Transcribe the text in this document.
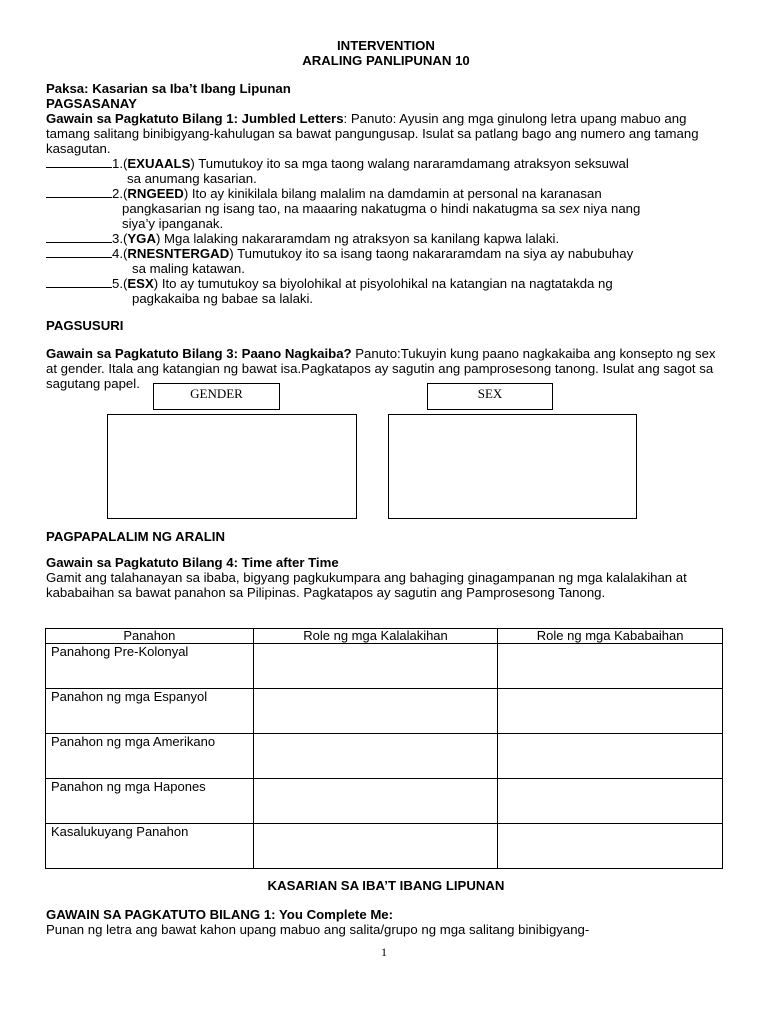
INTERVENTION
ARALING PANLIPUNAN 10

Paksa: Kasarian sa Iba’t Ibang Lipunan

PAGSASANAY

Gawain sa Pagkatuto Bilang 1: Jumbled Letters: Panuto: Ayusin ang mga ginulong letra upang mabuo ang tamang salitang binibigyang-kahulugan sa bawat pangungusap. Isulat sa patlang bago ang numero ang tamang kasagutan.

1.(EXUAALS) Tumutukoy ito sa mga taong walang nararamdamang atraksyon seksuwal
sa anumang kasarian.
2.(RNGEED) Ito ay kinikilala bilang malalim na damdamin at personal na karanasan
pangkasarian ng isang tao, na maaaring nakatugma o hindi nakatugma sa sex niya nang
siya’y ipanganak.
3.(YGA) Mga lalaking nakararamdam ng atraksyon sa kanilang kapwa lalaki.
4.(RNESNTERGAD) Tumutukoy ito sa isang taong nakararamdam na siya ay nabubuhay
sa maling katawan.
5.(ESX) Ito ay tumutukoy sa biyolohikal at pisyolohikal na katangian na nagtatakda ng
pagkakaiba ng babae sa lalaki.

PAGSUSURI

Gawain sa Pagkatuto Bilang 3: Paano Nagkaiba? Panuto:Tukuyin kung paano nagkakaiba ang konsepto ng sex at gender. Itala ang katangian ng bawat isa.Pagkatapos ay sagutin ang pamprosesong tanong. Isulat ang sagot sa sagutang papel.

GENDER	SEX

PAGPAPALALIM NG ARALIN

Gawain sa Pagkatuto Bilang 4: Time after Time

Gamit ang talahanayan sa ibaba, bigyang pagkukumpara ang bahaging ginagampanan ng mga kalalakihan at kababaihan sa bawat panahon sa Pilipinas. Pagkatapos ay sagutin ang Pamprosesong Tanong.

Panahon	Role ng mga Kalalakihan	Role ng mga Kababaihan
Panahong Pre-Kolonyal		
Panahon ng mga Espanyol		
Panahon ng mga Amerikano		
Panahon ng mga Hapones		
Kasalukuyang Panahon		

KASARIAN SA IBA’T IBANG LIPUNAN

GAWAIN SA PAGKATUTO BILANG 1: You Complete Me:

Punan ng letra ang bawat kahon upang mabuo ang salita/grupo ng mga salitang binibigyang-

1
